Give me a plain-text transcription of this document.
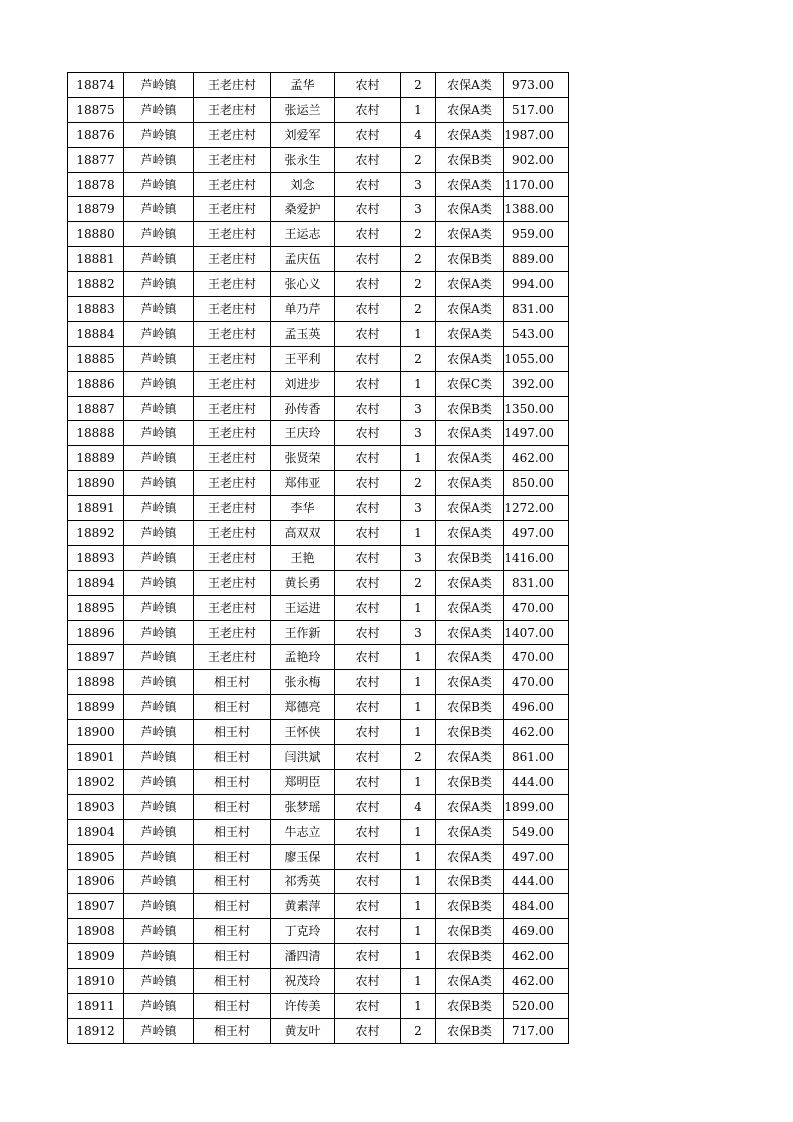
18874	芦岭镇	王老庄村	孟华	农村	2	农保A类	973.00
18875	芦岭镇	王老庄村	张运兰	农村	1	农保A类	517.00
18876	芦岭镇	王老庄村	刘爱军	农村	4	农保A类	1987.00
18877	芦岭镇	王老庄村	张永生	农村	2	农保B类	902.00
18878	芦岭镇	王老庄村	刘念	农村	3	农保A类	1170.00
18879	芦岭镇	王老庄村	桑爱护	农村	3	农保A类	1388.00
18880	芦岭镇	王老庄村	王运志	农村	2	农保A类	959.00
18881	芦岭镇	王老庄村	孟庆伍	农村	2	农保B类	889.00
18882	芦岭镇	王老庄村	张心义	农村	2	农保A类	994.00
18883	芦岭镇	王老庄村	单乃芹	农村	2	农保A类	831.00
18884	芦岭镇	王老庄村	孟玉英	农村	1	农保A类	543.00
18885	芦岭镇	王老庄村	王平利	农村	2	农保A类	1055.00
18886	芦岭镇	王老庄村	刘进步	农村	1	农保C类	392.00
18887	芦岭镇	王老庄村	孙传香	农村	3	农保B类	1350.00
18888	芦岭镇	王老庄村	王庆玲	农村	3	农保A类	1497.00
18889	芦岭镇	王老庄村	张贤荣	农村	1	农保A类	462.00
18890	芦岭镇	王老庄村	郑伟亚	农村	2	农保A类	850.00
18891	芦岭镇	王老庄村	李华	农村	3	农保A类	1272.00
18892	芦岭镇	王老庄村	高双双	农村	1	农保A类	497.00
18893	芦岭镇	王老庄村	王艳	农村	3	农保B类	1416.00
18894	芦岭镇	王老庄村	黄长勇	农村	2	农保A类	831.00
18895	芦岭镇	王老庄村	王运进	农村	1	农保A类	470.00
18896	芦岭镇	王老庄村	王作新	农村	3	农保A类	1407.00
18897	芦岭镇	王老庄村	孟艳玲	农村	1	农保A类	470.00
18898	芦岭镇	相王村	张永梅	农村	1	农保A类	470.00
18899	芦岭镇	相王村	郑德亮	农村	1	农保B类	496.00
18900	芦岭镇	相王村	王怀侠	农村	1	农保B类	462.00
18901	芦岭镇	相王村	闫洪斌	农村	2	农保A类	861.00
18902	芦岭镇	相王村	郑明臣	农村	1	农保B类	444.00
18903	芦岭镇	相王村	张梦瑶	农村	4	农保A类	1899.00
18904	芦岭镇	相王村	牛志立	农村	1	农保A类	549.00
18905	芦岭镇	相王村	廖玉保	农村	1	农保A类	497.00
18906	芦岭镇	相王村	祁秀英	农村	1	农保B类	444.00
18907	芦岭镇	相王村	黄素萍	农村	1	农保B类	484.00
18908	芦岭镇	相王村	丁克玲	农村	1	农保B类	469.00
18909	芦岭镇	相王村	潘四清	农村	1	农保B类	462.00
18910	芦岭镇	相王村	祝茂玲	农村	1	农保A类	462.00
18911	芦岭镇	相王村	许传美	农村	1	农保B类	520.00
18912	芦岭镇	相王村	黄友叶	农村	2	农保B类	717.00
